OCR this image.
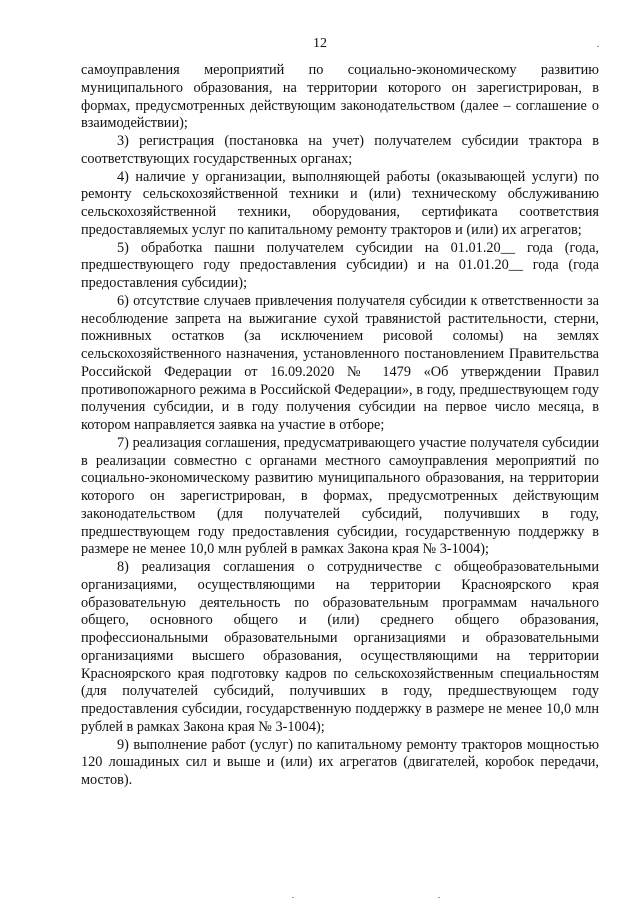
12

самоуправления мероприятий по социально-экономическому развитию муниципального образования, на территории которого он зарегистрирован, в формах, предусмотренных действующим законодательством (далее – соглашение о взаимодействии);

3) регистрация (постановка на учет) получателем субсидии трактора в соответствующих государственных органах;

4) наличие у организации, выполняющей работы (оказывающей услуги) по ремонту сельскохозяйственной техники и (или) техническому обслуживанию сельскохозяйственной техники, оборудования, сертификата соответствия предоставляемых услуг по капитальному ремонту тракторов и (или) их агрегатов;

5) обработка пашни получателем субсидии на 01.01.20__ года (года, предшествующего году предоставления субсидии) и на 01.01.20__ года (года предоставления субсидии);

6) отсутствие случаев привлечения получателя субсидии к ответственности за несоблюдение запрета на выжигание сухой травянистой растительности, стерни, пожнивных остатков (за исключением рисовой соломы) на землях сельскохозяйственного назначения, установленного постановлением Правительства Российской Федерации от 16.09.2020 № 1479 «Об утверждении Правил противопожарного режима в Российской Федерации», в году, предшествующем году получения субсидии, и в году получения субсидии на первое число месяца, в котором направляется заявка на участие в отборе;

7) реализация соглашения, предусматривающего участие получателя субсидии в реализации совместно с органами местного самоуправления мероприятий по социально-экономическому развитию муниципального образования, на территории которого он зарегистрирован, в формах, предусмотренных действующим законодательством (для получателей субсидий, получивших в году, предшествующем году предоставления субсидии, государственную поддержку в размере не менее 10,0 млн рублей в рамках Закона края № 3-1004);

8) реализация соглашения о сотрудничестве с общеобразовательными организациями, осуществляющими на территории Красноярского края образовательную деятельность по образовательным программам начального общего, основного общего и (или) среднего общего образования, профессиональными образовательными организациями и образовательными организациями высшего образования, осуществляющими на территории Красноярского края подготовку кадров по сельскохозяйственным специальностям (для получателей субсидий, получивших в году, предшествующем году предоставления субсидии, государственную поддержку в размере не менее 10,0 млн рублей в рамках Закона края № 3-1004);

9) выполнение работ (услуг) по капитальному ремонту тракторов мощностью 120 лошадиных сил и выше и (или) их агрегатов (двигателей, коробок передачи, мостов).
